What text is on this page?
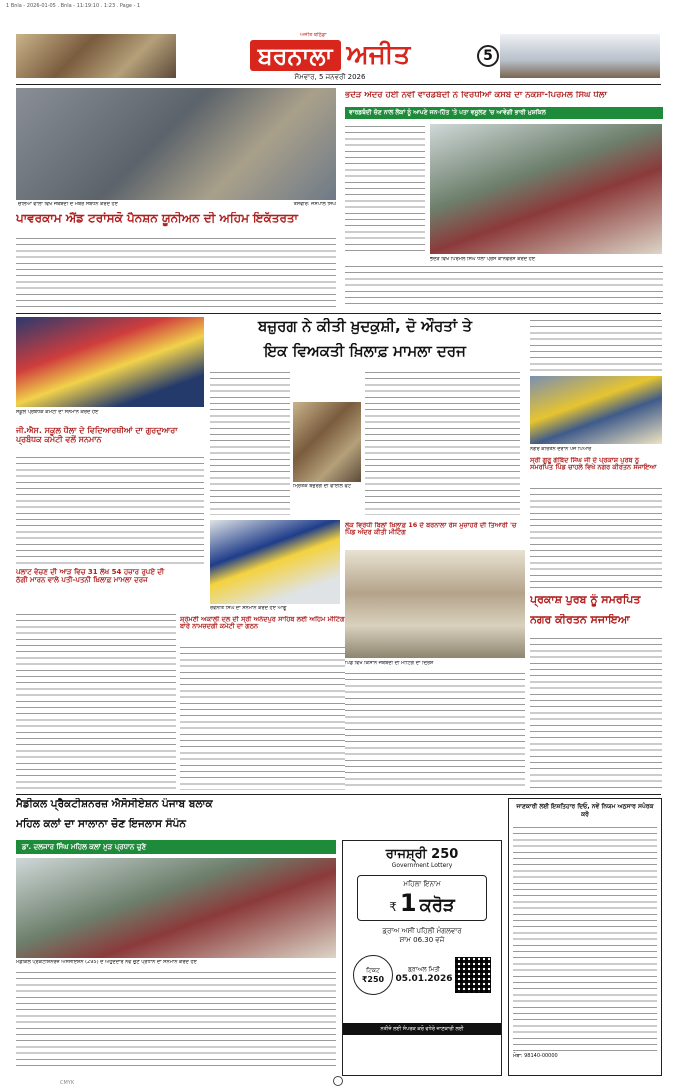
1 Bnla - 2026-01-05 . Bnla - 11:19:10 . 1:23 . Page - 1
ਬਰਨਾਲਾ ਅਜੀਤ
ਸੋਮਵਾਰ, 5 ਜਨਵਰੀ 2026
ਅਜੀਤ ਬਠਿੰਡਾ
5
ਚੌਲਿਆਂ ਵਾਲਾ ਵਿਖੇ ਜਥੇਬੰਦੀ ਦੇ ਮੈਂਬਰ ਸੰਬੋਧਨ ਕਰਦੇ ਹੋਏ	ਤਸਵੀਰ: ਜਸਪਾਲ ਸਿੰਘ
ਪਾਵਰਕਾਮ ਐਂਡ ਟਰਾਂਸਕੋ ਪੈਨਸ਼ਨ ਯੂਨੀਅਨ ਦੀ ਅਹਿਮ ਇਕੱਤਰਤਾ
ਭਦੌੜ ਅੰਦਰ ਹੋਈ ਨਵੀਂ ਵਾਰਡਬੰਦੀ ਨੇ ਵਿਰੋਧੀਆਂ ਕਸਬੇ ਦਾ ਨਕਸ਼ਾ-ਪਿਰਮਲ ਸਿੰਘ ਧੌਲਾ
ਵਾਰਡਬੰਦੀ ਚੋਣ ਨਾਲ ਲੋਕਾਂ ਨੂੰ ਆਪਣੇ ਜਨ-ਹਿੱਤ 'ਤੇ ਪਤਾ ਵਸੂਲਣ 'ਚ ਆਵੇਗੀ ਭਾਰੀ ਮੁਸ਼ਕਿਲ
ਭਦੌੜ ਵਿਖੇ ਪਿਰਮਲ ਸਿੰਘ ਧੌਲਾ ਪ੍ਰੈੱਸ ਕਾਨਫਰੰਸ ਕਰਦੇ ਹੋਏ
ਸਕੂਲ ਪ੍ਰਬੰਧਕ ਕਮੇਟੀ ਦਾ ਸਨਮਾਨ ਕਰਦੇ ਹੋਏ
ਜੀ.ਐਸ. ਸਕੂਲ ਧੌਲਾ ਦੇ ਵਿਦਿਆਰਥੀਆਂ ਦਾ ਗੁਰਦੁਆਰਾ ਪ੍ਰਬੰਧਕ ਕਮੇਟੀ ਵਲੋਂ ਸਨਮਾਨ
ਬਜ਼ੁਰਗ ਨੇ ਕੀਤੀ ਖ਼ੁਦਕੁਸ਼ੀ, ਦੋ ਔਰਤਾਂ ਤੇ
ਇਕ ਵਿਅਕਤੀ ਖ਼ਿਲਾਫ਼ ਮਾਮਲਾ ਦਰਜ
ਮ੍ਰਿਤਕ ਬਜ਼ੁਰਗ ਦੀ ਫਾਈਲ ਫੋਟੋ
ਨਗਰ ਕੀਰਤਨ ਦੌਰਾਨ ਪੰਜ ਪਿਆਰੇ
ਸ੍ਰੀ ਗੁਰੂ ਗੋਬਿੰਦ ਸਿੰਘ ਜੀ ਦੇ ਪ੍ਰਕਾਸ਼ ਪੁਰਬ ਨੂੰ ਸਮਰਪਿਤ ਪਿੰਡ ਚਾਹਲੇ ਵਿਖੇ ਨਗਰ ਕੀਰਤਨ ਸਜਾਇਆ
ਰਵਨੀਤ ਸਿੰਘ ਦਾ ਸਨਮਾਨ ਕਰਦੇ ਹੋਏ ਆਗੂ
ਸ਼੍ਰੋਮਣੀ ਅਕਾਲੀ ਦਲ ਦੀ ਸ੍ਰੀ ਅਨੰਦਪੁਰ ਸਾਹਿਬ ਲਈ ਅਹਿਮ ਮੀਟਿੰਗ ਬਾਰੇ ਨਾਮਜ਼ਦਗੀ ਕਮੇਟੀ ਦਾ ਗਠਨ
ਪਲਾਟ ਵੇਚਣ ਦੀ ਆੜ ਵਿਚ 31 ਲੱਖ 54 ਹਜ਼ਾਰ ਰੁਪਏ ਦੀ ਠੱਗੀ ਮਾਰਨ ਵਾਲੇ ਪਤੀ-ਪਤਨੀ ਖ਼ਿਲਾਫ਼ ਮਾਮਲਾ ਦਰਜ
ਲੋਕ ਵਿਰੋਧੀ ਬਿਲਾਂ ਖ਼ਿਲਾਫ਼ 16 ਦੇ ਬਰਨਾਲਾ ਰੋਸ ਮੁਜ਼ਾਹਰੇ ਦੀ ਤਿਆਰੀ 'ਚ ਪਿੰਡ ਅੰਦਰ ਕੀਤੀ ਮੀਟਿੰਗ
ਪਿੰਡ ਵਿਖੇ ਕਿਸਾਨ ਜਥੇਬੰਦੀ ਦੀ ਮੀਟਿੰਗ ਦਾ ਦ੍ਰਿਸ਼
ਪ੍ਰਕਾਸ਼ ਪੁਰਬ ਨੂੰ ਸਮਰਪਿਤ
ਨਗਰ ਕੀਰਤਨ ਸਜਾਇਆ
ਮੈਡੀਕਲ ਪ੍ਰੈਕਟੀਸ਼ਨਰਜ਼ ਐਸੋਸੀਏਸ਼ਨ ਪੰਜਾਬ ਬਲਾਕ
ਮਹਿਲ ਕਲਾਂ ਦਾ ਸਾਲਾਨਾ ਚੋਣ ਇਜਲਾਸ ਸੰਪੰਨ
ਡਾ. ਦਲਜਾਰ ਸਿੰਘ ਮਹਿਲ ਕਲਾਂ ਮੁੜ ਪ੍ਰਧਾਨ ਚੁਣੇ
ਮੈਡੀਕਲ ਪ੍ਰੈਕਟੀਸ਼ਨਰਜ਼ ਐਸੋਸੀਏਸ਼ਨ (295) ਦੇ ਅਹੁਦੇਦਾਰ ਨਵੇਂ ਚੁਣੇ ਪ੍ਰਧਾਨ ਦਾ ਸਨਮਾਨ ਕਰਦੇ ਹੋਏ
ਰਾਜਸ਼੍ਰੀ 250
Government Lottery
ਮਹਿਲਾ ਇਨਾਮ
₹ 1 ਕਰੋੜ
ਡ੍ਰਾਅ ਅਸੀਂ ਪਹਿਲੀ ਮੰਗਲਵਾਰ
ਸ਼ਾਮ 06.30 ਵਜੇ
ਟਿਕਟ
₹250
ਡ੍ਰਾਅਲ ਮਿਤੀ
05.01.2026
ਨਤੀਜੇ ਲਈ ਸੰਪਰਕ ਕਰੋ ਵਧੇਰੇ ਜਾਣਕਾਰੀ ਲਈ
ਜਾਣਕਾਰੀ ਲਈ ਇਸ਼ਤਿਹਾਰ ਦਿਓ, ਨਵੇਂ ਨਿਯਮ ਅਨੁਸਾਰ ਸਪੰਰਕ ਕਰੋ
ਮੋਬਾ: 98140-00000
CMYK
